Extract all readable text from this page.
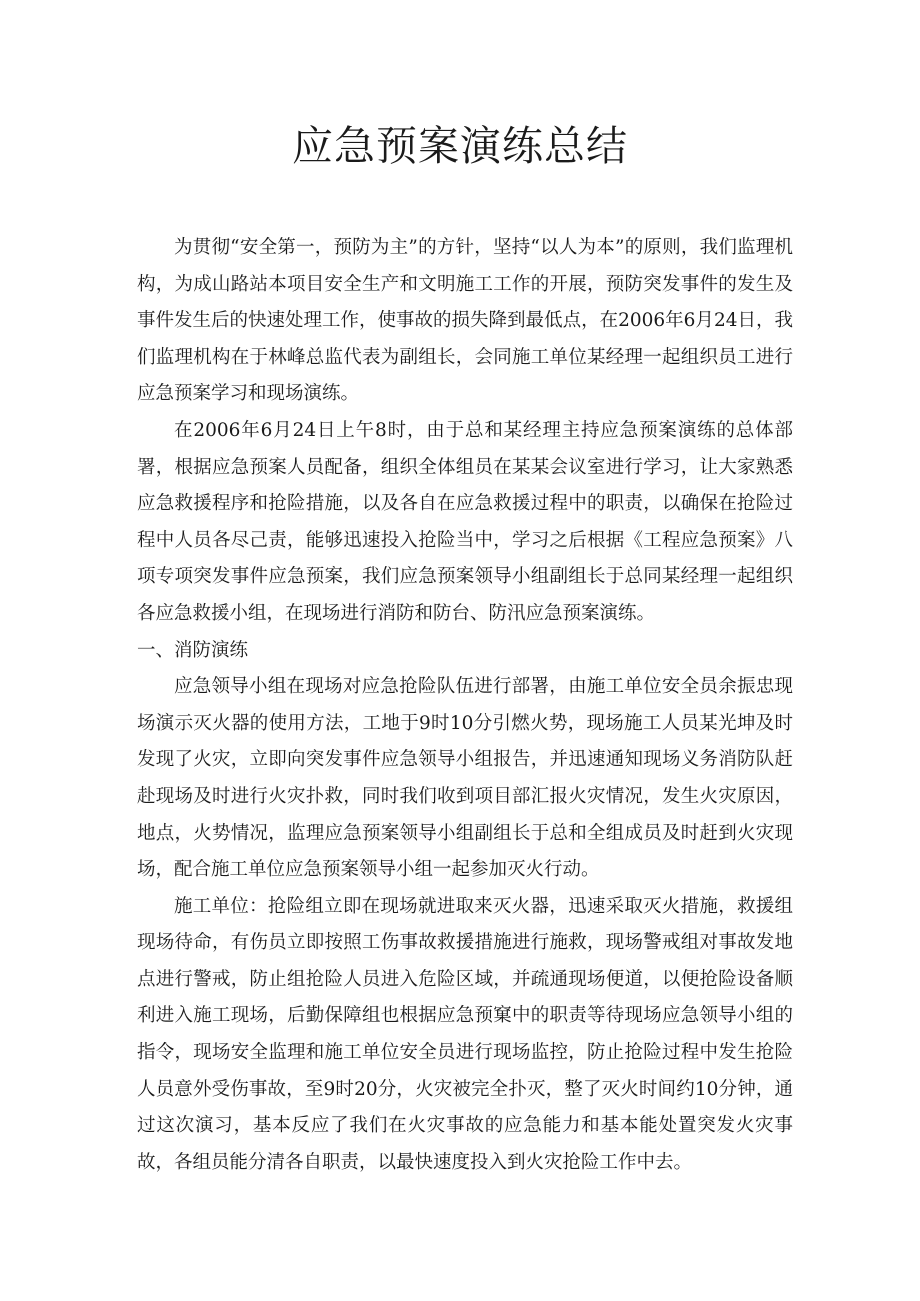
应急预案演练总结

为贯彻“安全第一，预防为主”的方针，坚持“以人为本”的原则，我们监理机构，为成山路站本项目安全生产和文明施工工作的开展，预防突发事件的发生及事件发生后的快速处理工作，使事故的损失降到最低点，在2006年6月24日，我们监理机构在于林峰总监代表为副组长，会同施工单位某经理一起组织员工进行应急预案学习和现场演练。

在2006年6月24日上午8时，由于总和某经理主持应急预案演练的总体部署，根据应急预案人员配备，组织全体组员在某某会议室进行学习，让大家熟悉应急救援程序和抢险措施，以及各自在应急救援过程中的职责，以确保在抢险过程中人员各尽己责，能够迅速投入抢险当中，学习之后根据《工程应急预案》八项专项突发事件应急预案，我们应急预案领导小组副组长于总同某经理一起组织各应急救援小组，在现场进行消防和防台、防汛应急预案演练。

一、消防演练

应急领导小组在现场对应急抢险队伍进行部署，由施工单位安全员余振忠现场演示灭火器的使用方法，工地于9时10分引燃火势，现场施工人员某光坤及时发现了火灾，立即向突发事件应急领导小组报告，并迅速通知现场义务消防队赶赴现场及时进行火灾扑救，同时我们收到项目部汇报火灾情况，发生火灾原因，地点，火势情况，监理应急预案领导小组副组长于总和全组成员及时赶到火灾现场，配合施工单位应急预案领导小组一起参加灭火行动。

施工单位：抢险组立即在现场就进取来灭火器，迅速采取灭火措施，救援组现场待命，有伤员立即按照工伤事故救援措施进行施救，现场警戒组对事故发地点进行警戒，防止组抢险人员进入危险区域，并疏通现场便道，以便抢险设备顺利进入施工现场，后勤保障组也根据应急预窠中的职责等待现场应急领导小组的指令，现场安全监理和施工单位安全员进行现场监控，防止抢险过程中发生抢险人员意外受伤事故，至9时20分，火灾被完全扑灭，整了灭火时间约10分钟，通过这次演习，基本反应了我们在火灾事故的应急能力和基本能处置突发火灾事故，各组员能分清各自职责，以最快速度投入到火灾抢险工作中去。
